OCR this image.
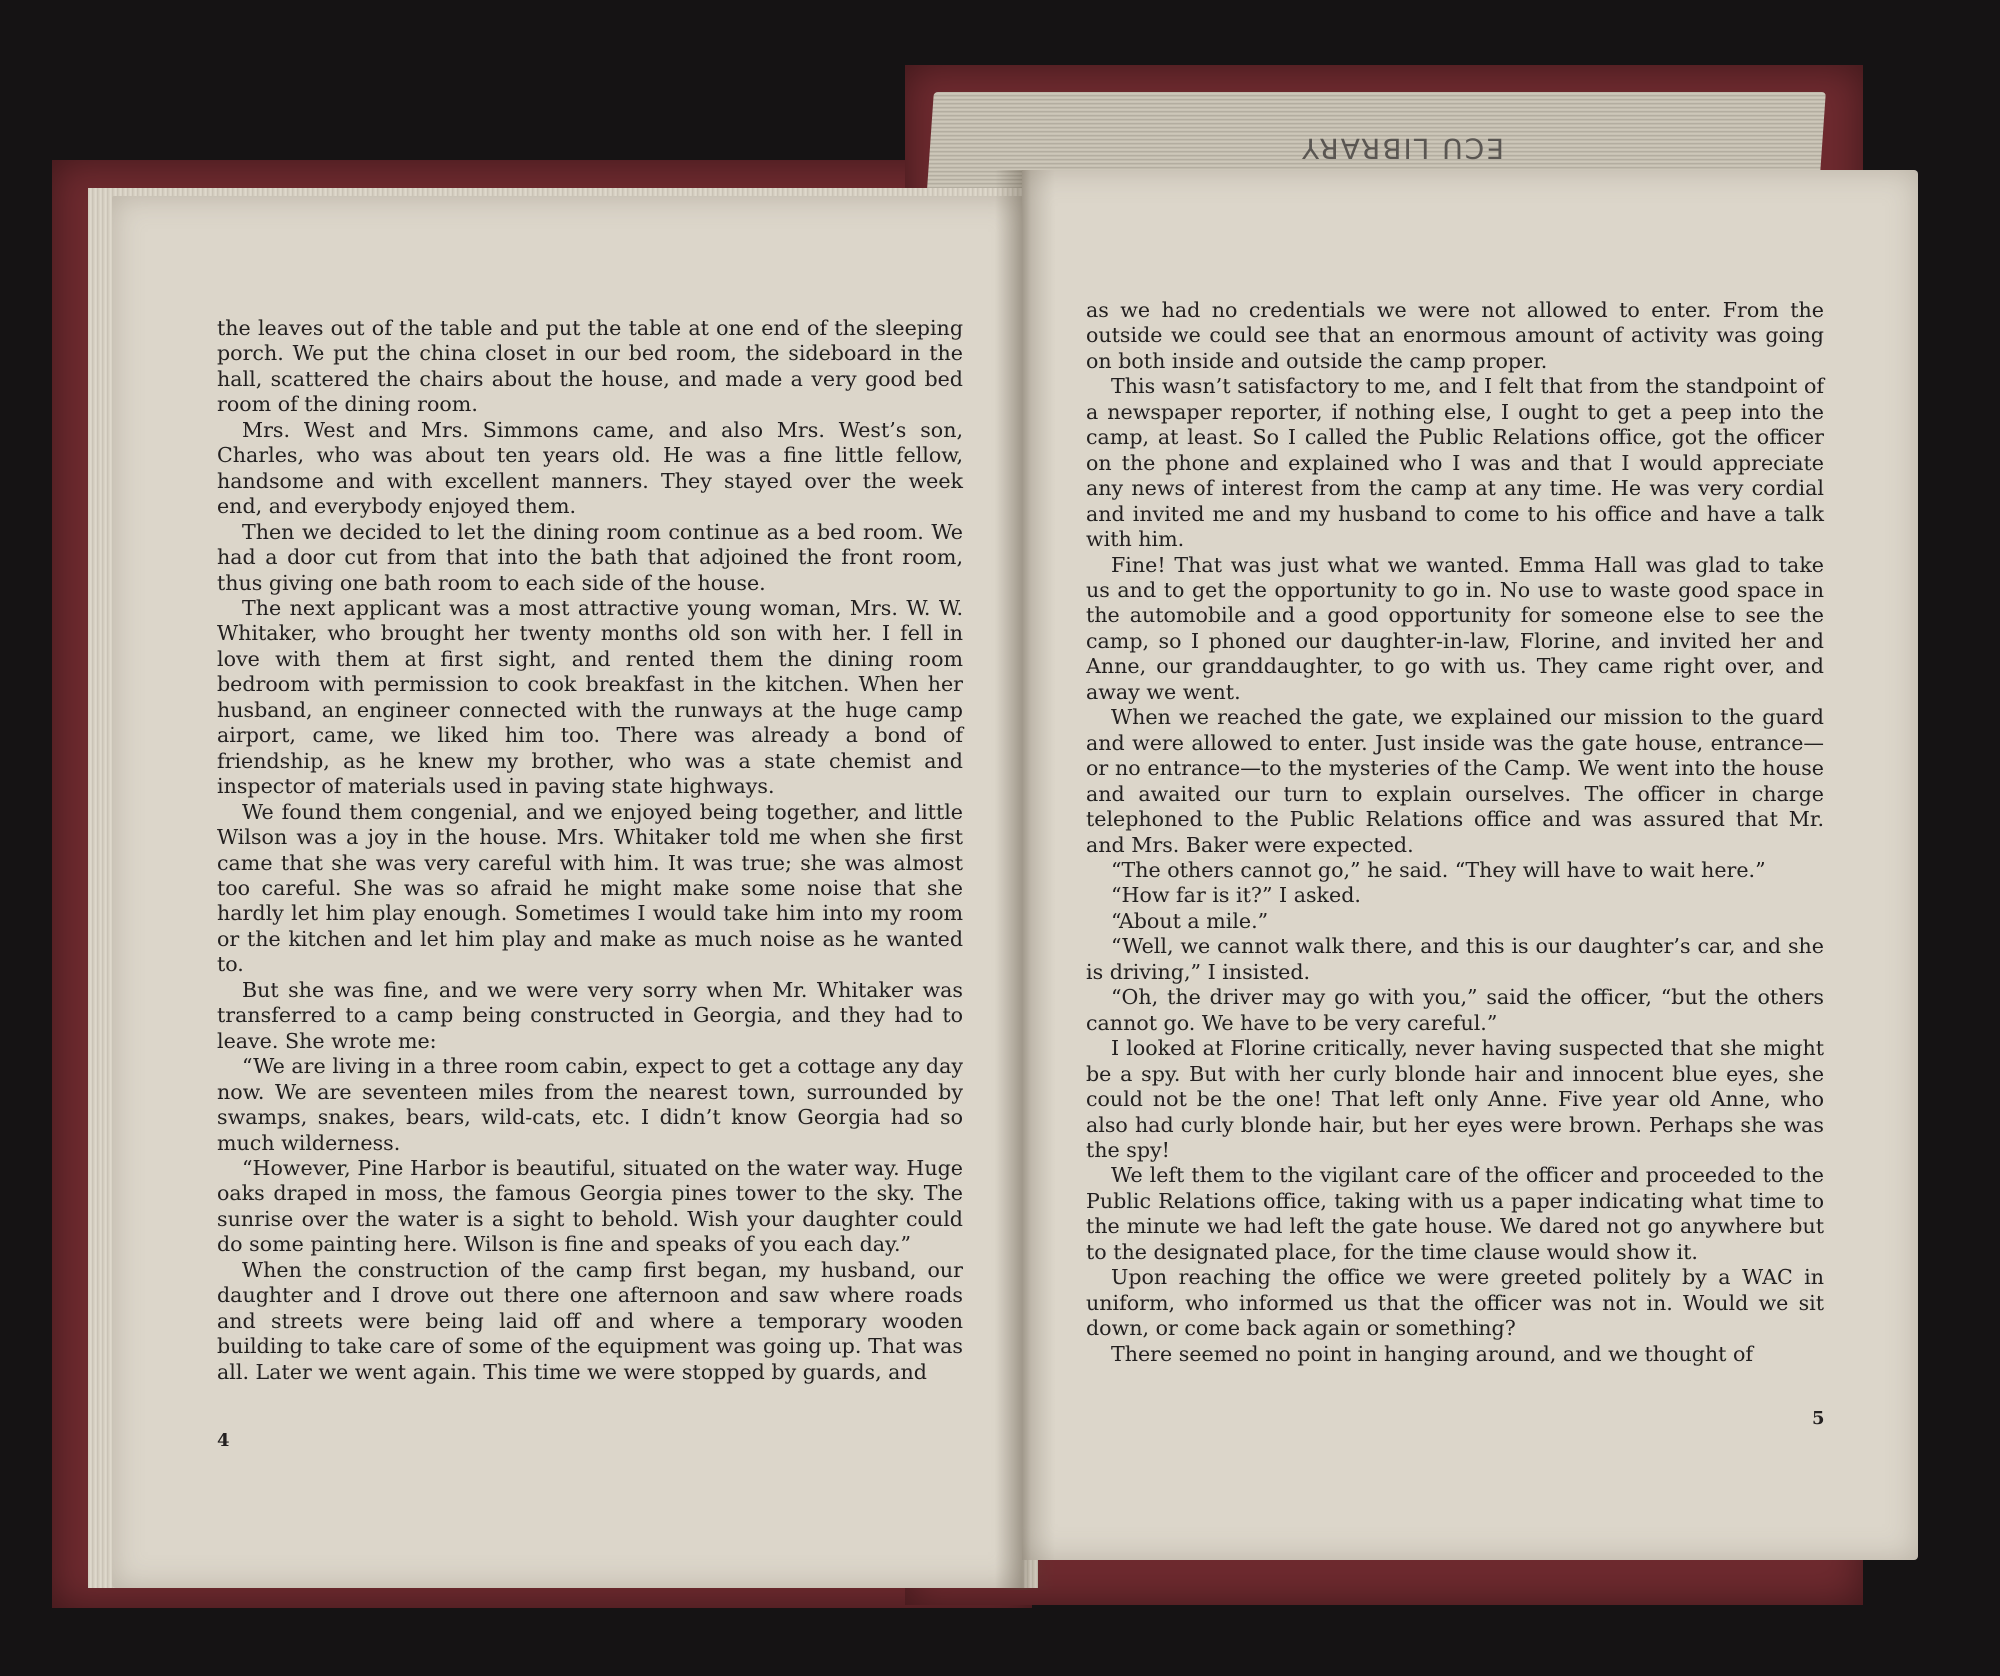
ECU LIBRARY

the leaves out of the table and put the table at one end of the sleeping porch. We put the china closet in our bed room, the sideboard in the hall, scattered the chairs about the house, and made a very good bed room of the dining room.

Mrs. West and Mrs. Simmons came, and also Mrs. West’s son, Charles, who was about ten years old. He was a fine little fellow, handsome and with excellent manners. They stayed over the week end, and everybody enjoyed them.

Then we decided to let the dining room continue as a bed room. We had a door cut from that into the bath that adjoined the front room, thus giving one bath room to each side of the house.

The next applicant was a most attractive young woman, Mrs. W. W. Whitaker, who brought her twenty months old son with her. I fell in love with them at first sight, and rented them the dining room bedroom with permission to cook breakfast in the kitchen. When her husband, an engineer connected with the runways at the huge camp airport, came, we liked him too. There was already a bond of friendship, as he knew my brother, who was a state chemist and inspector of materials used in paving state highways.

We found them congenial, and we enjoyed being together, and little Wilson was a joy in the house. Mrs. Whitaker told me when she first came that she was very careful with him. It was true; she was almost too careful. She was so afraid he might make some noise that she hardly let him play enough. Sometimes I would take him into my room or the kitchen and let him play and make as much noise as he wanted to.

But she was fine, and we were very sorry when Mr. Whitaker was transferred to a camp being constructed in Georgia, and they had to leave. She wrote me:

“We are living in a three room cabin, expect to get a cottage any day now. We are seventeen miles from the nearest town, surrounded by swamps, snakes, bears, wild-cats, etc. I didn’t know Georgia had so much wilderness.

“However, Pine Harbor is beautiful, situated on the water way. Huge oaks draped in moss, the famous Georgia pines tower to the sky. The sunrise over the water is a sight to behold. Wish your daughter could do some painting here. Wilson is fine and speaks of you each day.”

When the construction of the camp first began, my husband, our daughter and I drove out there one afternoon and saw where roads and streets were being laid off and where a temporary wooden building to take care of some of the equipment was going up. That was all. Later we went again. This time we were stopped by guards, and

4

as we had no credentials we were not allowed to enter. From the outside we could see that an enormous amount of activity was going on both inside and outside the camp proper.

This wasn’t satisfactory to me, and I felt that from the standpoint of a newspaper reporter, if nothing else, I ought to get a peep into the camp, at least. So I called the Public Relations office, got the officer on the phone and explained who I was and that I would appreciate any news of interest from the camp at any time. He was very cordial and invited me and my husband to come to his office and have a talk with him.

Fine! That was just what we wanted. Emma Hall was glad to take us and to get the opportunity to go in. No use to waste good space in the automobile and a good opportunity for someone else to see the camp, so I phoned our daughter-in-law, Florine, and invited her and Anne, our granddaughter, to go with us. They came right over, and away we went.

When we reached the gate, we explained our mission to the guard and were allowed to enter. Just inside was the gate house, entrance— or no entrance—to the mysteries of the Camp. We went into the house and awaited our turn to explain ourselves. The officer in charge telephoned to the Public Relations office and was assured that Mr. and Mrs. Baker were expected.

“The others cannot go,” he said. “They will have to wait here.”

“How far is it?” I asked.

“About a mile.”

“Well, we cannot walk there, and this is our daughter’s car, and she is driving,” I insisted.

“Oh, the driver may go with you,” said the officer, “but the others cannot go. We have to be very careful.”

I looked at Florine critically, never having suspected that she might be a spy. But with her curly blonde hair and innocent blue eyes, she could not be the one! That left only Anne. Five year old Anne, who also had curly blonde hair, but her eyes were brown. Perhaps she was the spy!

We left them to the vigilant care of the officer and proceeded to the Public Relations office, taking with us a paper indicating what time to the minute we had left the gate house. We dared not go anywhere but to the designated place, for the time clause would show it.

Upon reaching the office we were greeted politely by a WAC in uniform, who informed us that the officer was not in. Would we sit down, or come back again or something?

There seemed no point in hanging around, and we thought of

5
